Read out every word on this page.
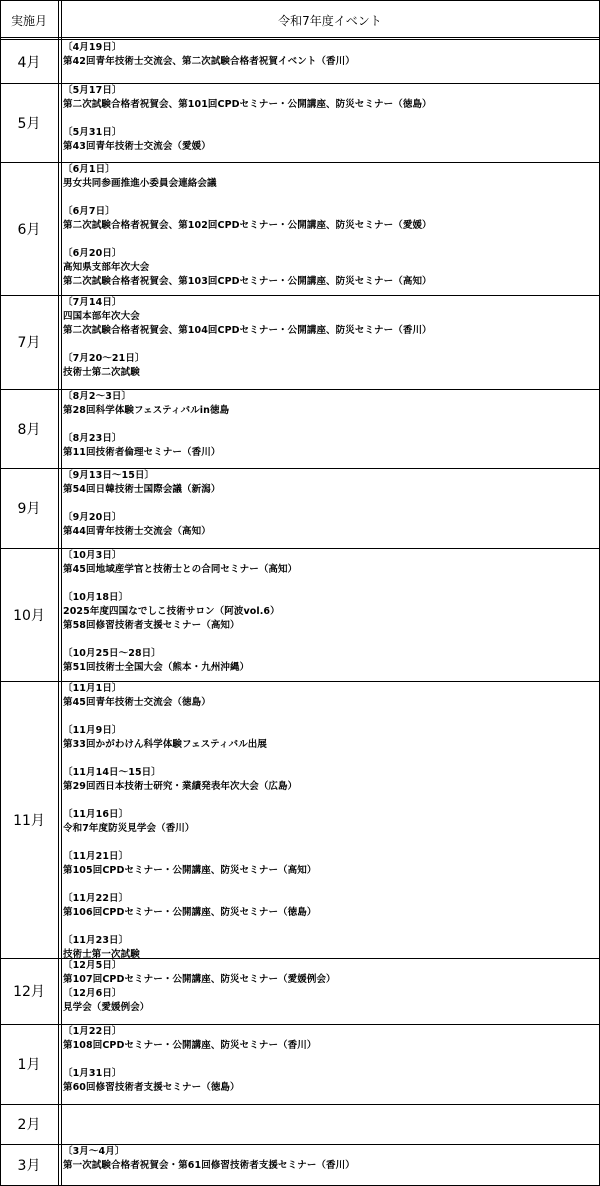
実施月	令和7年度イベント
4月
〔4月19日〕
第42回青年技術士交流会、第二次試験合格者祝賀イベント（香川）
5月
〔5月17日〕
第二次試験合格者祝賀会、第101回CPDセミナー・公開講座、防災セミナー（徳島）
〔5月31日〕
第43回青年技術士交流会（愛媛）
6月
〔6月1日〕
男女共同参画推進小委員会連絡会議
〔6月7日〕
第二次試験合格者祝賀会、第102回CPDセミナー・公開講座、防災セミナー（愛媛）
〔6月20日〕
高知県支部年次大会
第二次試験合格者祝賀会、第103回CPDセミナー・公開講座、防災セミナー（高知）
7月
〔7月14日〕
四国本部年次大会
第二次試験合格者祝賀会、第104回CPDセミナー・公開講座、防災セミナー（香川）
〔7月20～21日〕
技術士第二次試験
8月
〔8月2～3日〕
第28回科学体験フェスティバルin徳島
〔8月23日〕
第11回技術者倫理セミナー（香川）
9月
〔9月13日～15日〕
第54回日韓技術士国際会議（新潟）
〔9月20日〕
第44回青年技術士交流会（高知）
10月
〔10月3日〕
第45回地域産学官と技術士との合同セミナー（高知）
〔10月18日〕
2025年度四国なでしこ技術サロン（阿波vol.6）
第58回修習技術者支援セミナー（高知）
〔10月25日～28日〕
第51回技術士全国大会（熊本・九州沖縄）
11月
〔11月1日〕
第45回青年技術士交流会（徳島）
〔11月9日〕
第33回かがわけん科学体験フェスティバル出展
〔11月14日～15日〕
第29回西日本技術士研究・業績発表年次大会（広島）
〔11月16日〕
令和7年度防災見学会（香川）
〔11月21日〕
第105回CPDセミナー・公開講座、防災セミナー（高知）
〔11月22日〕
第106回CPDセミナー・公開講座、防災セミナー（徳島）
〔11月23日〕
技術士第一次試験
12月
〔12月5日〕
第107回CPDセミナー・公開講座、防災セミナー（愛媛例会）
〔12月6日〕
見学会（愛媛例会）
1月
〔1月22日〕
第108回CPDセミナー・公開講座、防災セミナー（香川）
〔1月31日〕
第60回修習技術者支援セミナー（徳島）
2月
3月
〔3月～4月〕
第一次試験合格者祝賀会・第61回修習技術者支援セミナー（香川）
